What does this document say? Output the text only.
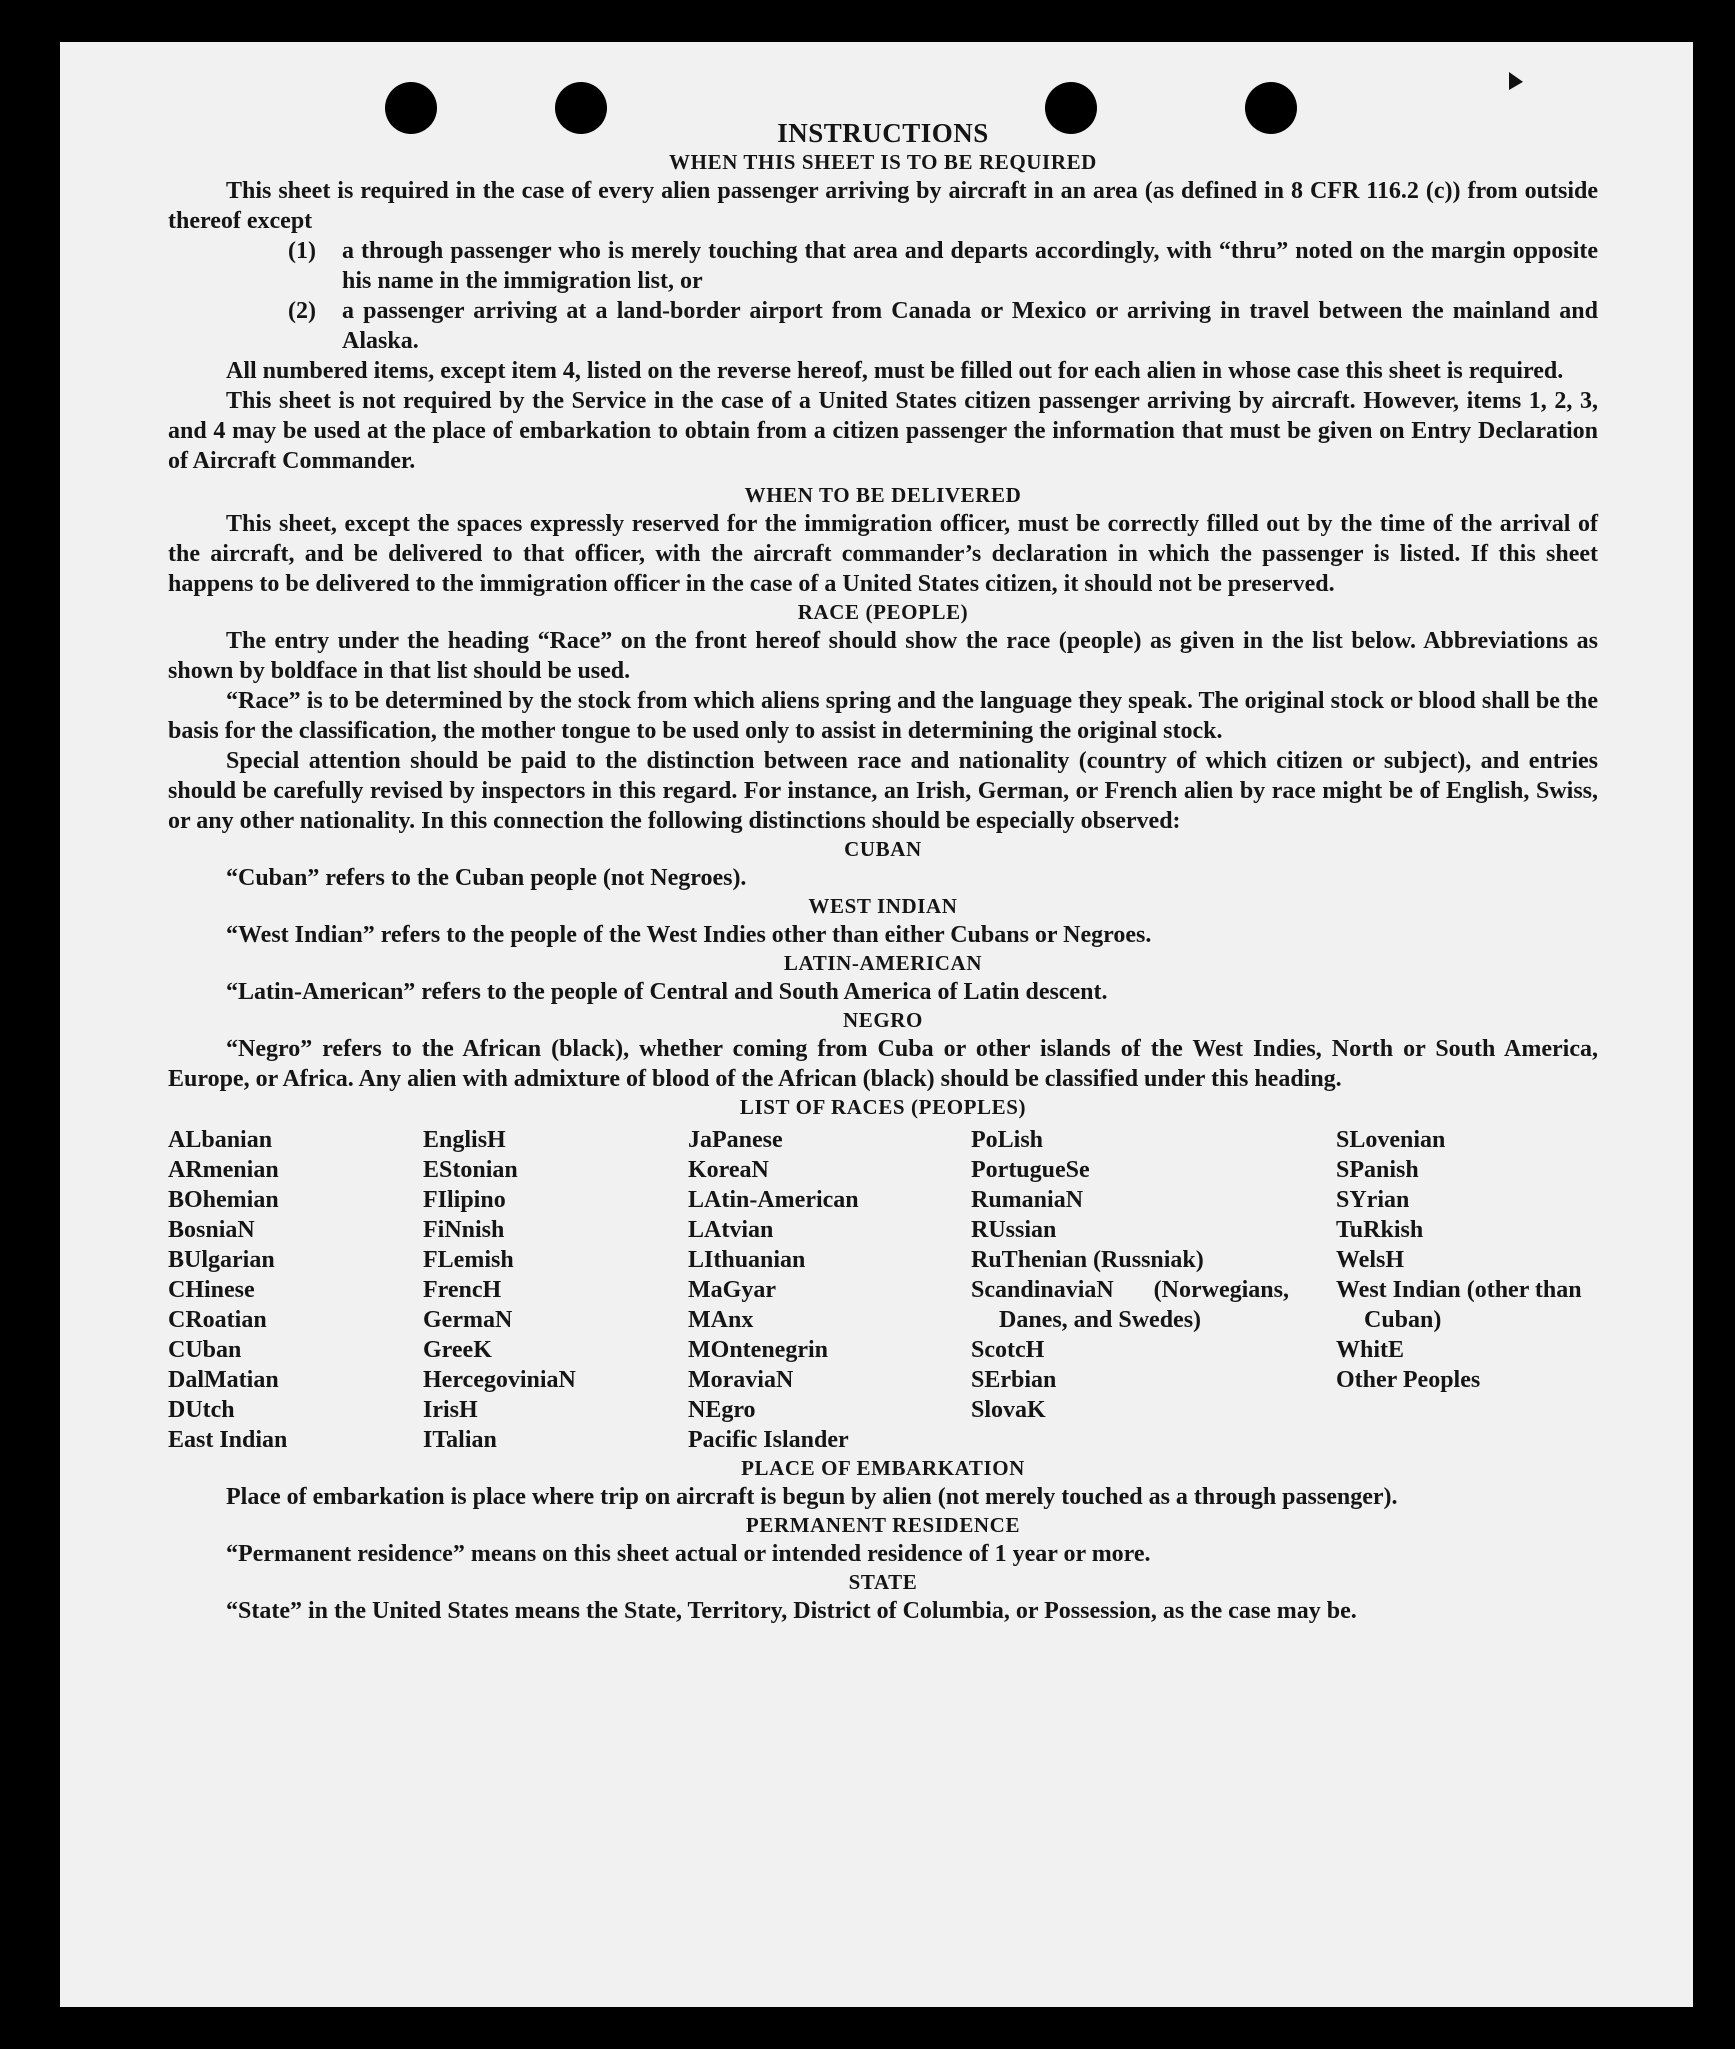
INSTRUCTIONS
WHEN THIS SHEET IS TO BE REQUIRED

This sheet is required in the case of every alien passenger arriving by aircraft in an area (as defined in 8 CFR 116.2 (c)) from outside thereof except

(1)	a through passenger who is merely touching that area and departs accordingly, with “thru” noted on the margin opposite his name in the immigration list, or
(2)	a passenger arriving at a land-border airport from Canada or Mexico or arriving in travel between the mainland and Alaska.

All numbered items, except item 4, listed on the reverse hereof, must be filled out for each alien in whose case this sheet is required.

This sheet is not required by the Service in the case of a United States citizen passenger arriving by aircraft. However, items 1, 2, 3, and 4 may be used at the place of embarkation to obtain from a citizen passenger the information that must be given on Entry Declaration of Aircraft Commander.

WHEN TO BE DELIVERED

This sheet, except the spaces expressly reserved for the immigration officer, must be correctly filled out by the time of the arrival of the aircraft, and be delivered to that officer, with the aircraft commander’s declaration in which the passenger is listed. If this sheet happens to be delivered to the immigration officer in the case of a United States citizen, it should not be preserved.

RACE (PEOPLE)

The entry under the heading “Race” on the front hereof should show the race (people) as given in the list below. Abbreviations as shown by boldface in that list should be used.

“Race” is to be determined by the stock from which aliens spring and the language they speak. The original stock or blood shall be the basis for the classification, the mother tongue to be used only to assist in determining the original stock.

Special attention should be paid to the distinction between race and nationality (country of which citizen or subject), and entries should be carefully revised by inspectors in this regard. For instance, an Irish, German, or French alien by race might be of English, Swiss, or any other nationality. In this connection the following distinctions should be especially observed:

CUBAN
“Cuban” refers to the Cuban people (not Negroes).
WEST INDIAN
“West Indian” refers to the people of the West Indies other than either Cubans or Negroes.
LATIN-AMERICAN
“Latin-American” refers to the people of Central and South America of Latin descent.
NEGRO

“Negro” refers to the African (black), whether coming from Cuba or other islands of the West Indies, North or South America, Europe, or Africa. Any alien with admixture of blood of the African (black) should be classified under this heading.

LIST OF RACES (PEOPLES)
ALbanian
ARmenian
BOhemian
BosniaN
BUlgarian
CHinese
CRoatian
CUban
DalMatian
DUtch
East Indian
EnglisH
EStonian
FIlipino
FiNnish
FLemish
FrencH
GermaN
GreeK
HercegoviniaN
IrisH
ITalian
JaPanese
KoreaN
LAtin-American
LAtvian
LIthuanian
MaGyar
MAnx
MOntenegrin
MoraviaN
NEgro
Pacific Islander
PoLish
PortugueSe
RumaniaN
RUssian
RuThenian (Russniak)
ScandinaviaN (Norwegians, Danes, and Swedes)
ScotcH
SErbian
SlovaK
SLovenian
SPanish
SYrian
TuRkish
WelsH
West Indian (other than Cuban)
WhitE
Other Peoples
PLACE OF EMBARKATION

Place of embarkation is place where trip on aircraft is begun by alien (not merely touched as a through passenger).

PERMANENT RESIDENCE
“Permanent residence” means on this sheet actual or intended residence of 1 year or more.
STATE

“State” in the United States means the State, Territory, District of Columbia, or Possession, as the case may be.
